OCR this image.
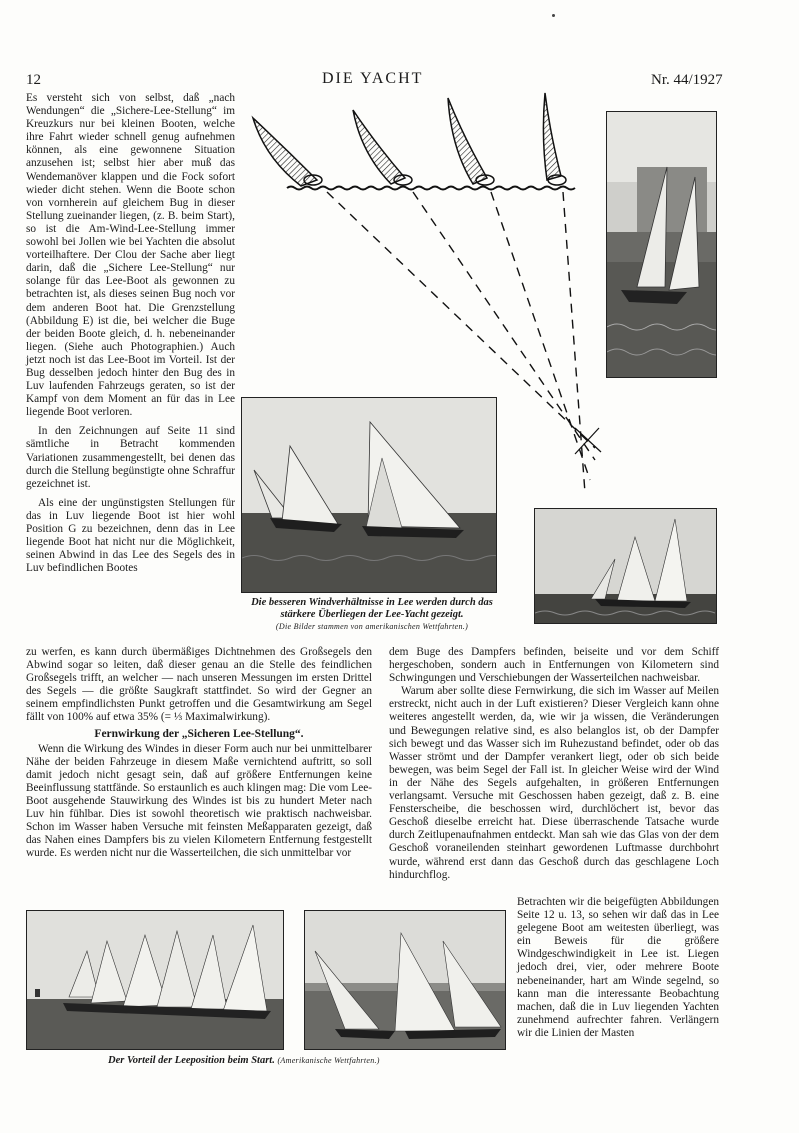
12	DIE YACHT	Nr. 44/1927

Es versteht sich von selbst, daß „nach Wendungen“ die „Sichere-Lee-Stellung“ im Kreuzkurs nur bei kleinen Booten, welche ihre Fahrt wieder schnell genug aufnehmen können, als eine gewonnene Situation anzusehen ist; selbst hier aber muß das Wendemanöver klappen und die Fock sofort wieder dicht stehen. Wenn die Boote schon von vornherein auf gleichem Bug in dieser Stellung zueinander liegen, (z. B. beim Start), so ist die Am-Wind-Lee-Stellung immer sowohl bei Jollen wie bei Yachten die absolut vorteilhaftere. Der Clou der Sache aber liegt darin, daß die „Sichere Lee-Stellung“ nur solange für das Lee-Boot als gewonnen zu betrachten ist, als dieses seinen Bug noch vor dem anderen Boot hat. Die Grenzstellung (Abbildung E) ist die, bei welcher die Buge der beiden Boote gleich, d. h. nebeneinander liegen. (Siehe auch Photographien.) Auch jetzt noch ist das Lee-Boot im Vorteil. Ist der Bug desselben jedoch hinter den Bug des in Luv laufenden Fahrzeugs geraten, so ist der Kampf von dem Moment an für das in Lee liegende Boot verloren.

In den Zeichnungen auf Seite 11 sind sämtliche in Betracht kommenden Variationen zusammengestellt, bei denen das durch die Stellung begünstigte ohne Schraffur gezeichnet ist.

Als eine der ungünstigsten Stellungen für das in Luv liegende Boot ist hier wohl Position G zu bezeichnen, denn das in Lee liegende Boot hat nicht nur die Möglichkeit, seinen Abwind in das Lee des Segels des in Luv befindlichen Bootes

zu werfen, es kann durch übermäßiges Dichtnehmen des Großsegels den Abwind sogar so leiten, daß dieser genau an die Stelle des feindlichen Großsegels trifft, an welcher — nach unseren Messungen im ersten Drittel des Segels — die größte Saugkraft stattfindet. So wird der Gegner an seinem empfindlichsten Punkt getroffen und die Gesamtwirkung am Segel fällt von 100% auf etwa 35% (= ⅓ Maximalwirkung).

Fernwirkung der „Sicheren Lee-Stellung“.

Wenn die Wirkung des Windes in dieser Form auch nur bei unmittelbarer Nähe der beiden Fahrzeuge in diesem Maße vernichtend auftritt, so soll damit jedoch nicht gesagt sein, daß auf größere Entfernungen keine Beeinflussung stattfände. So erstaunlich es auch klingen mag: Die vom Lee-Boot ausgehende Stauwirkung des Windes ist bis zu hundert Meter nach Luv hin fühlbar. Dies ist sowohl theoretisch wie praktisch nachweisbar. Schon im Wasser haben Versuche mit feinsten Meßapparaten gezeigt, daß das Nahen eines Dampfers bis zu vielen Kilometern Entfernung festgestellt wurde. Es werden nicht nur die Wasserteilchen, die sich unmittelbar vor

dem Buge des Dampfers befinden, beiseite und vor dem Schiff hergeschoben, sondern auch in Entfernungen von Kilometern sind Schwingungen und Verschiebungen der Wasserteilchen nachweisbar.

Warum aber sollte diese Fernwirkung, die sich im Wasser auf Meilen erstreckt, nicht auch in der Luft existieren? Dieser Vergleich kann ohne weiteres angestellt werden, da, wie wir ja wissen, die Veränderungen und Bewegungen relative sind, es also belanglos ist, ob der Dampfer sich bewegt und das Wasser sich im Ruhezustand befindet, oder ob das Wasser strömt und der Dampfer verankert liegt, oder ob sich beide bewegen, was beim Segel der Fall ist. In gleicher Weise wird der Wind in der Nähe des Segels aufgehalten, in größeren Entfernungen verlangsamt. Versuche mit Geschossen haben gezeigt, daß z. B. eine Fensterscheibe, die beschossen wird, durchlöchert ist, bevor das Geschoß dieselbe erreicht hat. Diese überraschende Tatsache wurde durch Zeitlupenaufnahmen entdeckt. Man sah wie das Glas von der dem Geschoß voraneilenden steinhart gewordenen Luftmasse durchbohrt wurde, während erst dann das Geschoß durch das geschlagene Loch hindurchflog.

Betrachten wir die beigefügten Abbildungen Seite 12 u. 13, so sehen wir daß das in Lee gelegene Boot am weitesten überliegt, was ein Beweis für die größere Windgeschwindigkeit in Lee ist. Liegen jedoch drei, vier, oder mehrere Boote nebeneinander, hart am Winde segelnd, so kann man die interessante Beobachtung machen, daß die in Luv liegenden Yachten zunehmend aufrechter fahren. Verlängern wir die Linien der Masten

Die besseren Windverhältnisse in Lee werden durch das stärkere Überliegen der Lee-Yacht gezeigt.
(Die Bilder stammen von amerikanischen Wettfahrten.)
Der Vorteil der Leeposition beim Start. (Amerikanische Wettfahrten.)
